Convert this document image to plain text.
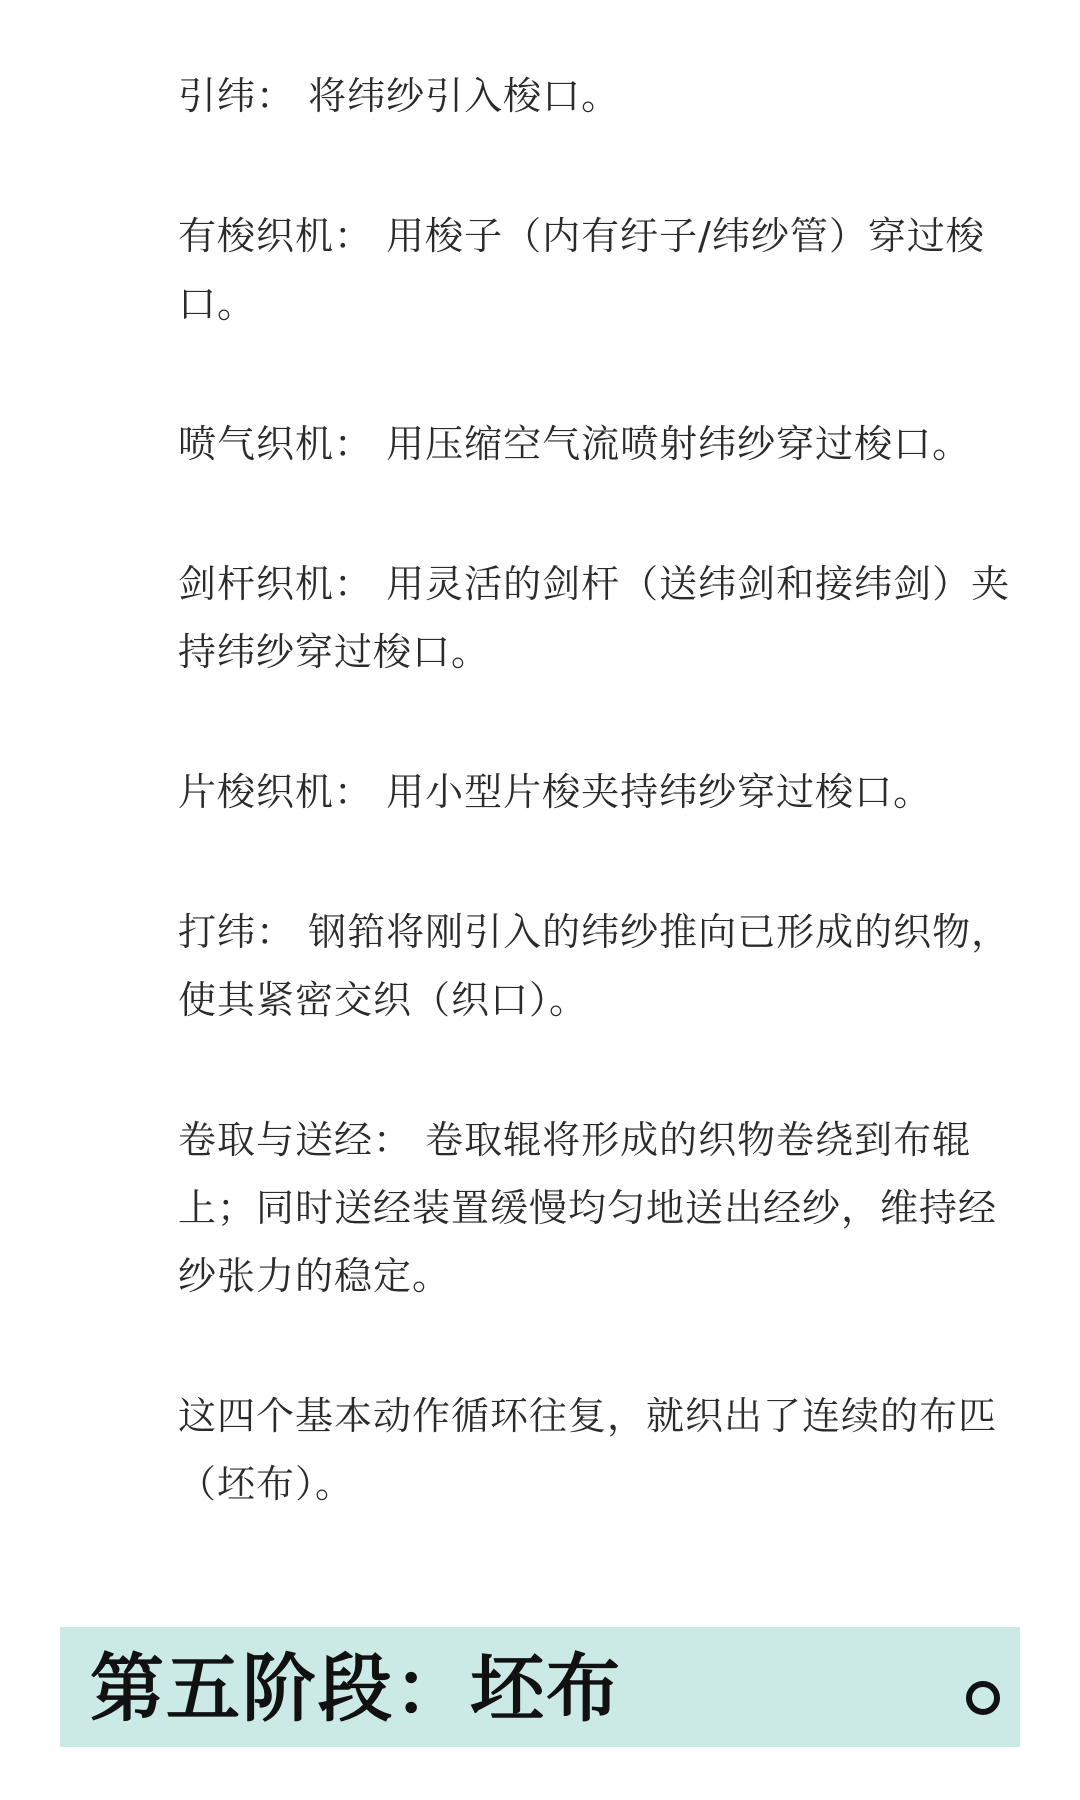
引纬： 将纬纱引入梭口。

有梭织机： 用梭子（内有纡子/纬纱管）穿过梭口。

喷气织机： 用压缩空气流喷射纬纱穿过梭口。

剑杆织机： 用灵活的剑杆（送纬剑和接纬剑）夹持纬纱穿过梭口。

片梭织机： 用小型片梭夹持纬纱穿过梭口。

打纬： 钢筘将刚引入的纬纱推向已形成的织物，使其紧密交织（织口）。

卷取与送经： 卷取辊将形成的织物卷绕到布辊上；同时送经装置缓慢均匀地送出经纱，维持经纱张力的稳定。

这四个基本动作循环往复，就织出了连续的布匹（坯布）。

第五阶段：坯布
